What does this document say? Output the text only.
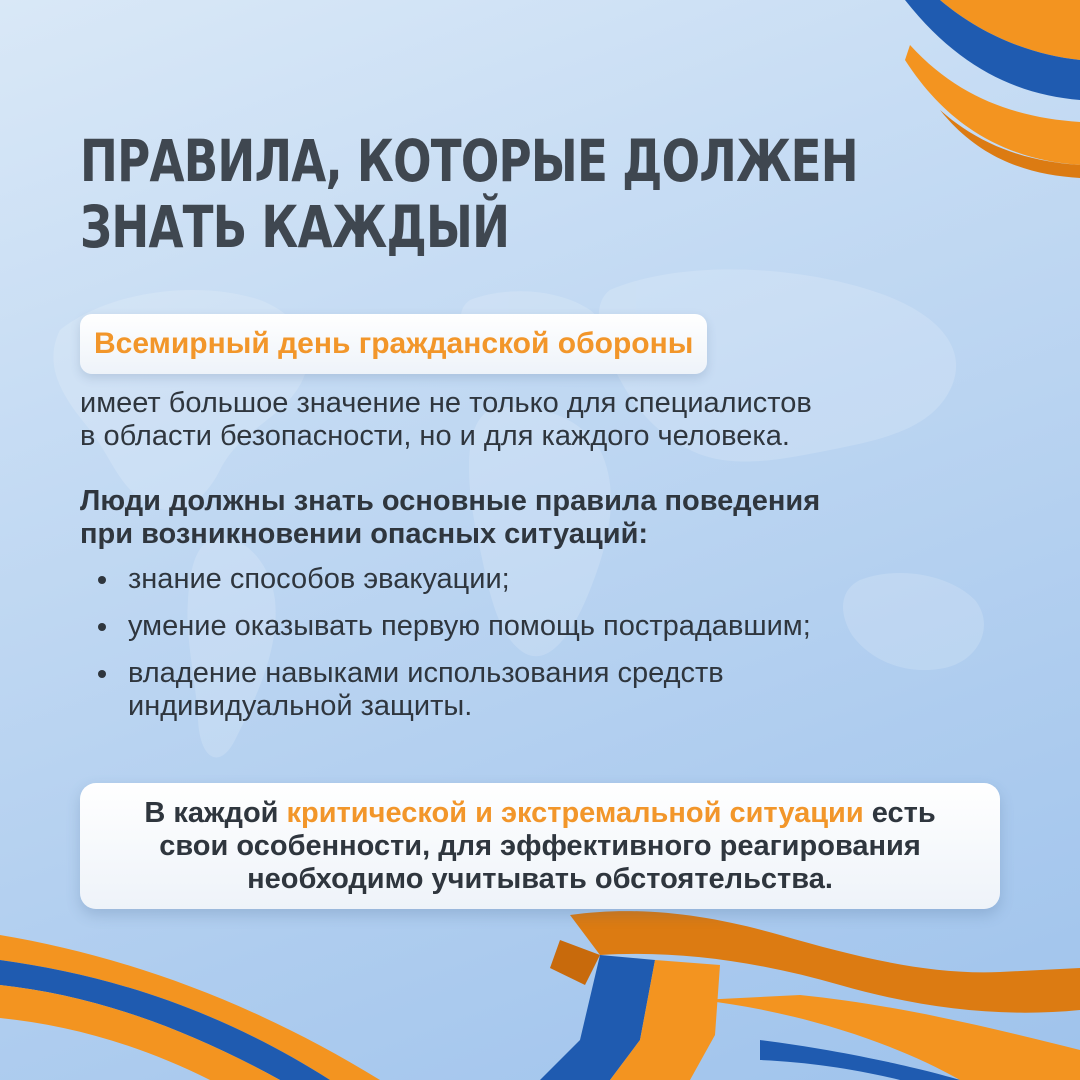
ПРАВИЛА, КОТОРЫЕ ДОЛЖЕН
ЗНАТЬ КАЖДЫЙ
Всемирный день гражданской обороны

имеет большое значение не только для специалистов
в области безопасности, но и для каждого человека.

Люди должны знать основные правила поведения
при возникновении опасных ситуаций:

знание способов эвакуации;
умение оказывать первую помощь пострадавшим;
владение навыками использования средств
индивидуальной защиты.

В каждой критической и экстремальной ситуации есть
свои особенности, для эффективного реагирования
необходимо учитывать обстоятельства.
